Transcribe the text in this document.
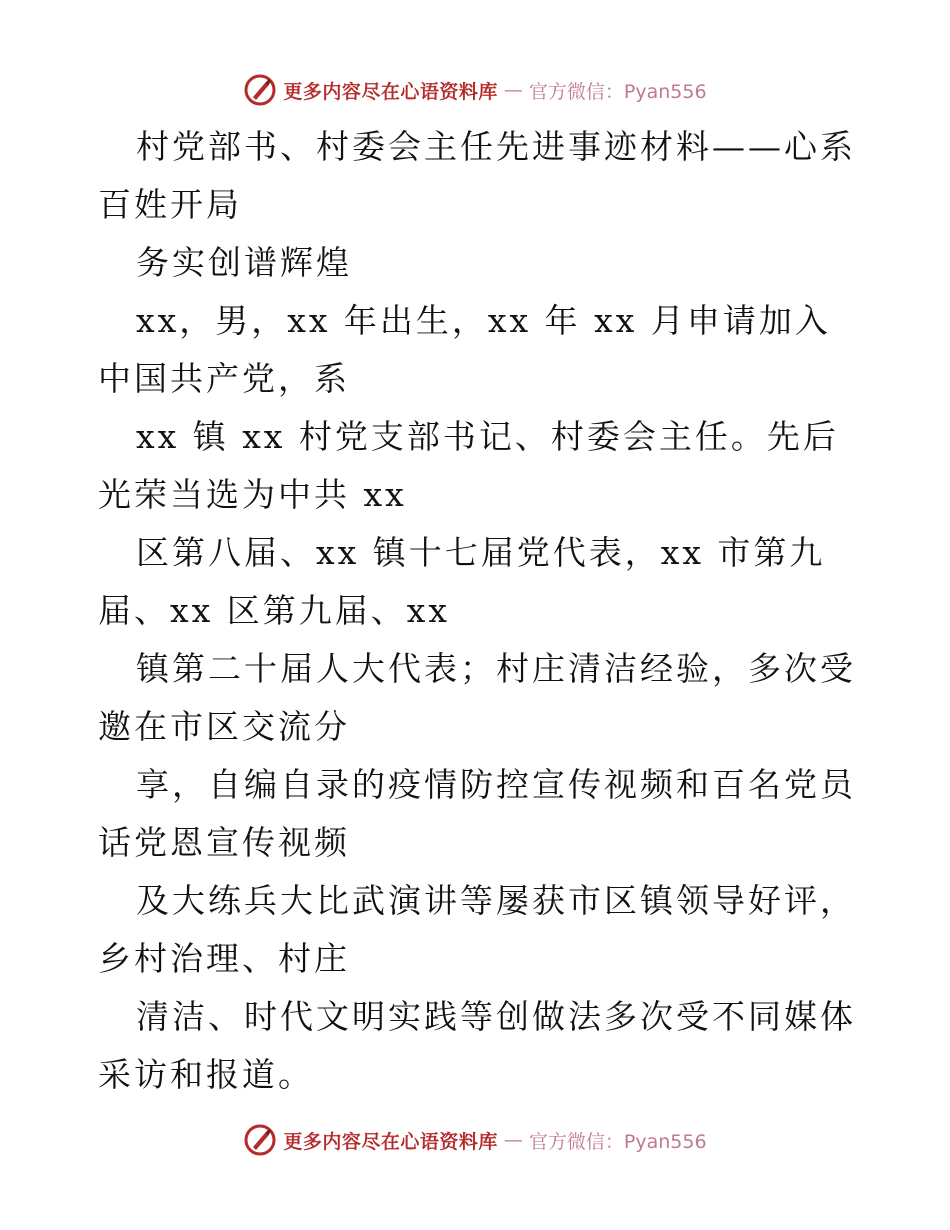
更多内容尽在心语资料库 — 官方微信：Pyan556

村党部书、村委会主任先进事迹材料——心系百姓开局

务实创谱辉煌

xx，男，xx 年出生，xx 年 xx 月申请加入中国共产党，系

xx 镇 xx 村党支部书记、村委会主任。先后光荣当选为中共 xx

区第八届、xx 镇十七届党代表，xx 市第九届、xx 区第九届、xx

镇第二十届人大代表；村庄清洁经验，多次受邀在市区交流分

享，自编自录的疫情防控宣传视频和百名党员话党恩宣传视频

及大练兵大比武演讲等屡获市区镇领导好评，乡村治理、村庄

清洁、时代文明实践等创做法多次受不同媒体采访和报道。

更多内容尽在心语资料库 — 官方微信：Pyan556
